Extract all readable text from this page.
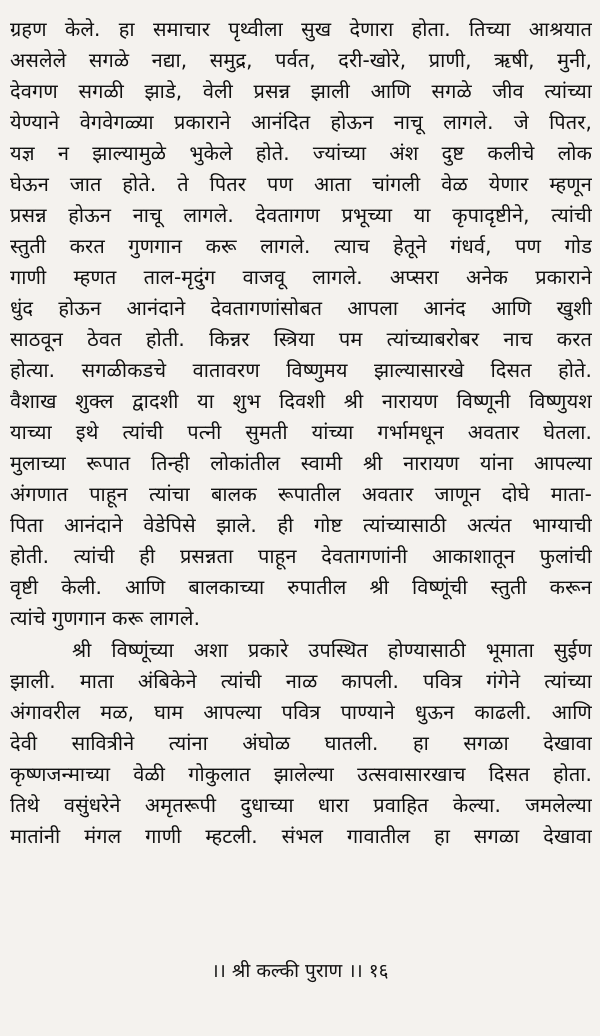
ग्रहण केले. हा समाचार पृथ्वीला सुख देणारा होता. तिच्या आश्रयात
असलेले सगळे नद्या, समुद्र, पर्वत, दरी-खोरे, प्राणी, ऋषी, मुनी,
देवगण सगळी झाडे, वेली प्रसन्न झाली आणि सगळे जीव त्यांच्या
येण्याने वेगवेगळ्या प्रकाराने आनंदित होऊन नाचू लागले. जे पितर,
यज्ञ न झाल्यामुळे भुकेले होते. ज्यांच्या अंश दुष्ट कलीचे लोक
घेऊन जात होते. ते पितर पण आता चांगली वेळ येणार म्हणून
प्रसन्न होऊन नाचू लागले. देवतागण प्रभूच्या या कृपादृष्टीने, त्यांची
स्तुती करत गुणगान करू लागले. त्याच हेतूने गंधर्व, पण गोड
गाणी म्हणत ताल-मृदुंग वाजवू लागले. अप्सरा अनेक प्रकाराने
धुंद होऊन आनंदाने देवतागणांसोबत आपला आनंद आणि खुशी
साठवून ठेवत होती. किन्नर स्त्रिया पम त्यांच्याबरोबर नाच करत
होत्या. सगळीकडचे वातावरण विष्णुमय झाल्यासारखे दिसत होते.
वैशाख शुक्ल द्वादशी या शुभ दिवशी श्री नारायण विष्णूनी विष्णुयश
याच्या इथे त्यांची पत्नी सुमती यांच्या गर्भामधून अवतार घेतला.
मुलाच्या रूपात तिन्ही लोकांतील स्वामी श्री नारायण यांना आपल्या
अंगणात पाहून त्यांचा बालक रूपातील अवतार जाणून दोघे माता-
पिता आनंदाने वेडेपिसे झाले. ही गोष्ट त्यांच्यासाठी अत्यंत भाग्याची
होती. त्यांची ही प्रसन्नता पाहून देवतागणांनी आकाशातून फुलांची
वृष्टी केली. आणि बालकाच्या रुपातील श्री विष्णूंची स्तुती करून
त्यांचे गुणगान करू लागले.
श्री विष्णूंच्या अशा प्रकारे उपस्थित होण्यासाठी भूमाता सुईण
झाली. माता अंबिकेने त्यांची नाळ कापली. पवित्र गंगेने त्यांच्या
अंगावरील मळ, घाम आपल्या पवित्र पाण्याने धुऊन काढली. आणि
देवी सावित्रीने त्यांना अंघोळ घातली. हा सगळा देखावा
कृष्णजन्माच्या वेळी गोकुलात झालेल्या उत्सवासारखाच दिसत होता.
तिथे वसुंधरेने अमृतरूपी दुधाच्या धारा प्रवाहित केल्या. जमलेल्या
मातांनी मंगल गाणी म्हटली. संभल गावातील हा सगळा देखावा
।। श्री कल्की पुराण ।। १६
